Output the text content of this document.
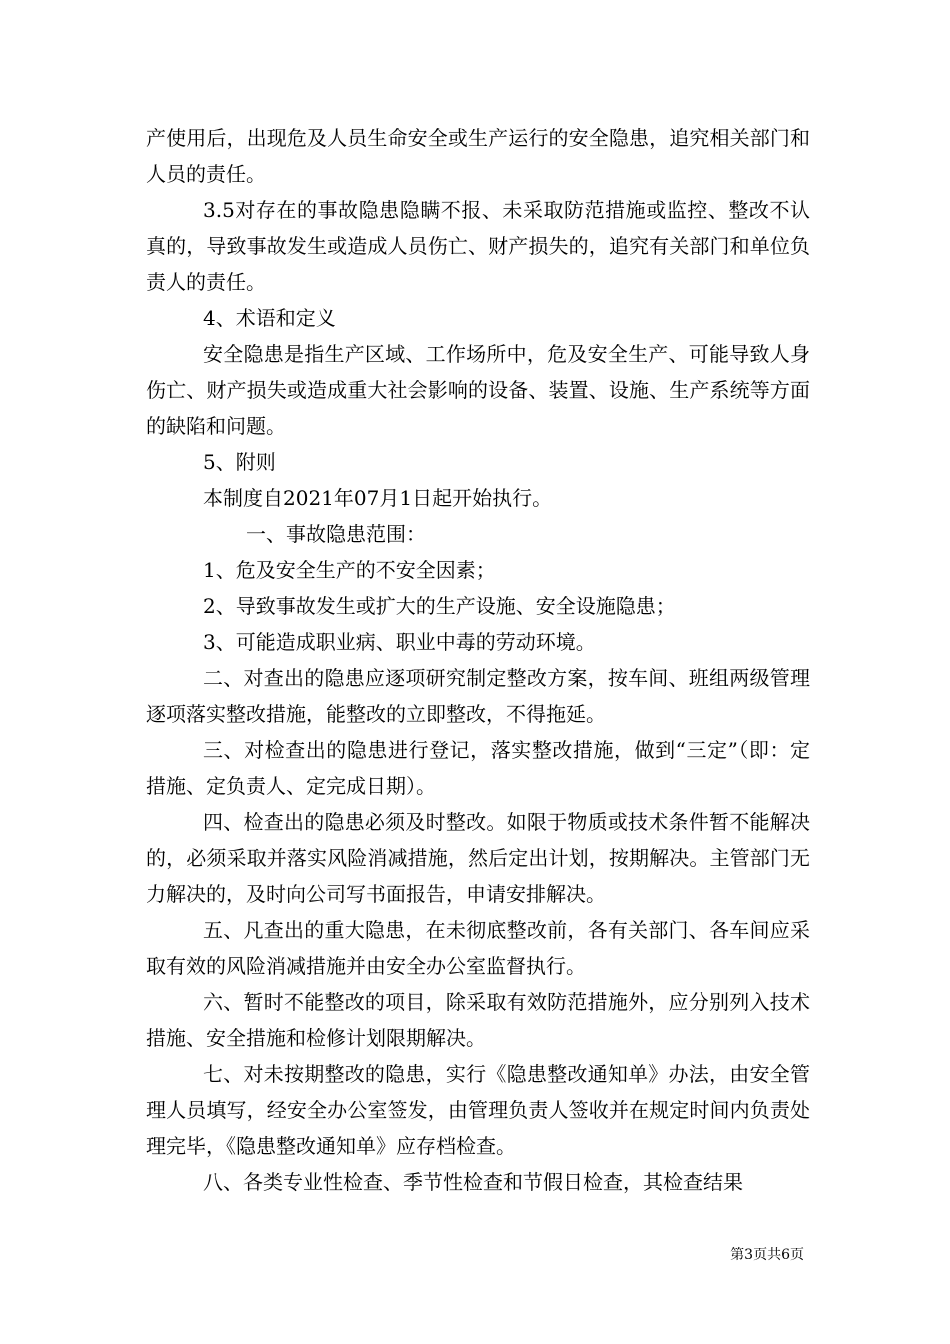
产使用后，出现危及人员生命安全或生产运行的安全隐患，追究相关部门和人员的责任。

3.5对存在的事故隐患隐瞒不报、未采取防范措施或监控、整改不认真的，导致事故发生或造成人员伤亡、财产损失的，追究有关部门和单位负责人的责任。

4、术语和定义

安全隐患是指生产区域、工作场所中，危及安全生产、可能导致人身伤亡、财产损失或造成重大社会影响的设备、装置、设施、生产系统等方面的缺陷和问题。

5、附则

本制度自2021年07月1日起开始执行。

一、事故隐患范围：

1、危及安全生产的不安全因素；

2、导致事故发生或扩大的生产设施、安全设施隐患；

3、可能造成职业病、职业中毒的劳动环境。

二、对查出的隐患应逐项研究制定整改方案，按车间、班组两级管理逐项落实整改措施，能整改的立即整改，不得拖延。

三、对检查出的隐患进行登记，落实整改措施，做到“三定”（即：定措施、定负责人、定完成日期）。

四、检查出的隐患必须及时整改。如限于物质或技术条件暂不能解决的，必须采取并落实风险消减措施，然后定出计划，按期解决。主管部门无力解决的，及时向公司写书面报告，申请安排解决。

五、凡查出的重大隐患，在未彻底整改前，各有关部门、各车间应采取有效的风险消减措施并由安全办公室监督执行。

六、暂时不能整改的项目，除采取有效防范措施外，应分别列入技术措施、安全措施和检修计划限期解决。

七、对未按期整改的隐患，实行《隐患整改通知单》办法，由安全管理人员填写，经安全办公室签发，由管理负责人签收并在规定时间内负责处理完毕，《隐患整改通知单》应存档检查。

八、各类专业性检查、季节性检查和节假日检查，其检查结果

第3页共6页
